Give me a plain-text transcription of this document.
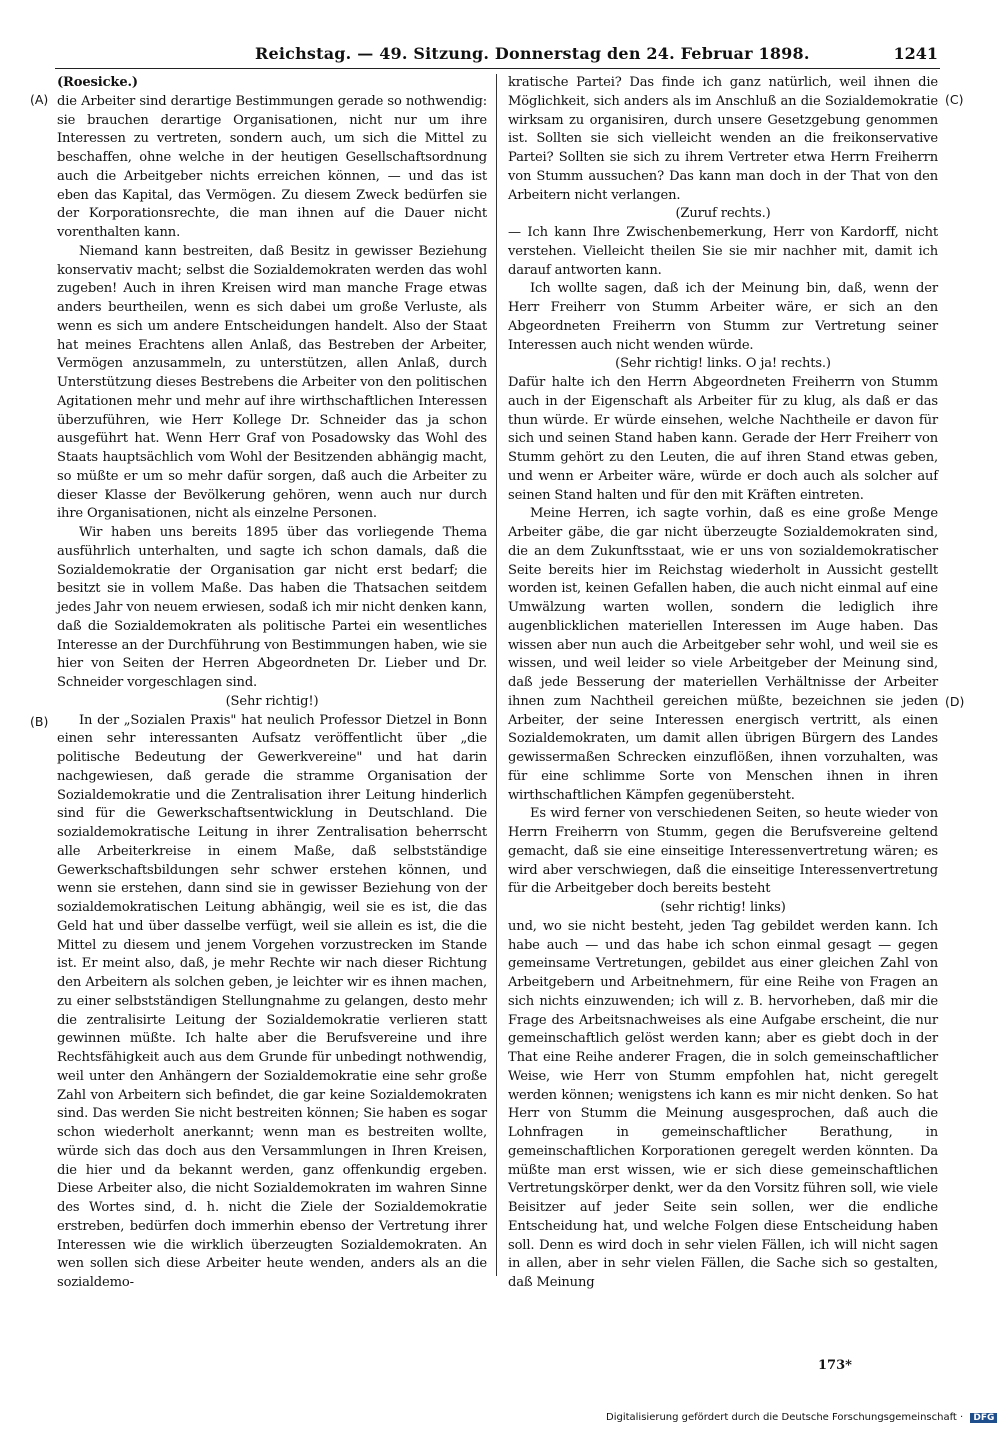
Reichstag. — 49. Sitzung. Donnerstag den 24. Februar 1898.	1241
(A)
(B)
(C)
(D)

(Roesicke.)

die Arbeiter sind derartige Bestimmungen gerade so nothwendig: sie brauchen derartige Organisationen, nicht nur um ihre Interessen zu vertreten, sondern auch, um sich die Mittel zu beschaffen, ohne welche in der heutigen Gesellschaftsordnung auch die Arbeitgeber nichts erreichen können, — und das ist eben das Kapital, das Vermögen. Zu diesem Zweck bedürfen sie der Korporationsrechte, die man ihnen auf die Dauer nicht vorenthalten kann.

Niemand kann bestreiten, daß Besitz in gewisser Beziehung konservativ macht; selbst die Sozialdemokraten werden das wohl zugeben! Auch in ihren Kreisen wird man manche Frage etwas anders beurtheilen, wenn es sich dabei um große Verluste, als wenn es sich um andere Entscheidungen handelt. Also der Staat hat meines Erachtens allen Anlaß, das Bestreben der Arbeiter, Vermögen anzusammeln, zu unterstützen, allen Anlaß, durch Unterstützung dieses Bestrebens die Arbeiter von den politischen Agitationen mehr und mehr auf ihre wirthschaftlichen Interessen überzuführen, wie Herr Kollege Dr. Schneider das ja schon ausgeführt hat. Wenn Herr Graf von Posadowsky das Wohl des Staats hauptsächlich vom Wohl der Besitzenden abhängig macht, so müßte er um so mehr dafür sorgen, daß auch die Arbeiter zu dieser Klasse der Bevölkerung gehören, wenn auch nur durch ihre Organisationen, nicht als einzelne Personen.

Wir haben uns bereits 1895 über das vorliegende Thema ausführlich unterhalten, und sagte ich schon damals, daß die Sozialdemokratie der Organisation gar nicht erst bedarf; die besitzt sie in vollem Maße. Das haben die Thatsachen seitdem jedes Jahr von neuem erwiesen, sodaß ich mir nicht denken kann, daß die Sozialdemokraten als politische Partei ein wesentliches Interesse an der Durchführung von Bestimmungen haben, wie sie hier von Seiten der Herren Abgeordneten Dr. Lieber und Dr. Schneider vorgeschlagen sind.

(Sehr richtig!)

In der „Sozialen Praxis" hat neulich Professor Dietzel in Bonn einen sehr interessanten Aufsatz veröffentlicht über „die politische Bedeutung der Gewerkvereine" und hat darin nachgewiesen, daß gerade die stramme Organisation der Sozialdemokratie und die Zentralisation ihrer Leitung hinderlich sind für die Gewerkschaftsentwicklung in Deutschland. Die sozialdemokratische Leitung in ihrer Zentralisation beherrscht alle Arbeiterkreise in einem Maße, daß selbstständige Gewerkschaftsbildungen sehr schwer erstehen können, und wenn sie erstehen, dann sind sie in gewisser Beziehung von der sozialdemokratischen Leitung abhängig, weil sie es ist, die das Geld hat und über dasselbe verfügt, weil sie allein es ist, die die Mittel zu diesem und jenem Vorgehen vorzustrecken im Stande ist. Er meint also, daß, je mehr Rechte wir nach dieser Richtung den Arbeitern als solchen geben, je leichter wir es ihnen machen, zu einer selbstständigen Stellungnahme zu gelangen, desto mehr die zentralisirte Leitung der Sozialdemokratie verlieren statt gewinnen müßte. Ich halte aber die Berufsvereine und ihre Rechtsfähigkeit auch aus dem Grunde für unbedingt nothwendig, weil unter den Anhängern der Sozialdemokratie eine sehr große Zahl von Arbeitern sich befindet, die gar keine Sozialdemokraten sind. Das werden Sie nicht bestreiten können; Sie haben es sogar schon wiederholt anerkannt; wenn man es bestreiten wollte, würde sich das doch aus den Versammlungen in Ihren Kreisen, die hier und da bekannt werden, ganz offenkundig ergeben. Diese Arbeiter also, die nicht Sozialdemokraten im wahren Sinne des Wortes sind, d. h. nicht die Ziele der Sozialdemokratie erstreben, bedürfen doch immerhin ebenso der Vertretung ihrer Interessen wie die wirklich überzeugten Sozialdemokraten. An wen sollen sich diese Arbeiter heute wenden, anders als an die sozialdemo-

kratische Partei? Das finde ich ganz natürlich, weil ihnen die Möglichkeit, sich anders als im Anschluß an die Sozialdemokratie wirksam zu organisiren, durch unsere Gesetzgebung genommen ist. Sollten sie sich vielleicht wenden an die freikonservative Partei? Sollten sie sich zu ihrem Vertreter etwa Herrn Freiherrn von Stumm aussuchen? Das kann man doch in der That von den Arbeitern nicht verlangen.

(Zuruf rechts.)

— Ich kann Ihre Zwischenbemerkung, Herr von Kardorff, nicht verstehen. Vielleicht theilen Sie sie mir nachher mit, damit ich darauf antworten kann.

Ich wollte sagen, daß ich der Meinung bin, daß, wenn der Herr Freiherr von Stumm Arbeiter wäre, er sich an den Abgeordneten Freiherrn von Stumm zur Vertretung seiner Interessen auch nicht wenden würde.

(Sehr richtig! links. O ja! rechts.)

Dafür halte ich den Herrn Abgeordneten Freiherrn von Stumm auch in der Eigenschaft als Arbeiter für zu klug, als daß er das thun würde. Er würde einsehen, welche Nachtheile er davon für sich und seinen Stand haben kann. Gerade der Herr Freiherr von Stumm gehört zu den Leuten, die auf ihren Stand etwas geben, und wenn er Arbeiter wäre, würde er doch auch als solcher auf seinen Stand halten und für den mit Kräften eintreten.

Meine Herren, ich sagte vorhin, daß es eine große Menge Arbeiter gäbe, die gar nicht überzeugte Sozialdemokraten sind, die an dem Zukunftsstaat, wie er uns von sozialdemokratischer Seite bereits hier im Reichstag wiederholt in Aussicht gestellt worden ist, keinen Gefallen haben, die auch nicht einmal auf eine Umwälzung warten wollen, sondern die lediglich ihre augenblicklichen materiellen Interessen im Auge haben. Das wissen aber nun auch die Arbeitgeber sehr wohl, und weil sie es wissen, und weil leider so viele Arbeitgeber der Meinung sind, daß jede Besserung der materiellen Verhältnisse der Arbeiter ihnen zum Nachtheil gereichen müßte, bezeichnen sie jeden Arbeiter, der seine Interessen energisch vertritt, als einen Sozialdemokraten, um damit allen übrigen Bürgern des Landes gewissermaßen Schrecken einzuflößen, ihnen vorzuhalten, was für eine schlimme Sorte von Menschen ihnen in ihren wirthschaftlichen Kämpfen gegenübersteht.

Es wird ferner von verschiedenen Seiten, so heute wieder von Herrn Freiherrn von Stumm, gegen die Berufsvereine geltend gemacht, daß sie eine einseitige Interessenvertretung wären; es wird aber verschwiegen, daß die einseitige Interessenvertretung für die Arbeitgeber doch bereits besteht

(sehr richtig! links)

und, wo sie nicht besteht, jeden Tag gebildet werden kann. Ich habe auch — und das habe ich schon einmal gesagt — gegen gemeinsame Vertretungen, gebildet aus einer gleichen Zahl von Arbeitgebern und Arbeitnehmern, für eine Reihe von Fragen an sich nichts einzuwenden; ich will z. B. hervorheben, daß mir die Frage des Arbeitsnachweises als eine Aufgabe erscheint, die nur gemeinschaftlich gelöst werden kann; aber es giebt doch in der That eine Reihe anderer Fragen, die in solch gemeinschaftlicher Weise, wie Herr von Stumm empfohlen hat, nicht geregelt werden können; wenigstens ich kann es mir nicht denken. So hat Herr von Stumm die Meinung ausgesprochen, daß auch die Lohnfragen in gemeinschaftlicher Berathung, in gemeinschaftlichen Korporationen geregelt werden könnten. Da müßte man erst wissen, wie er sich diese gemeinschaftlichen Vertretungskörper denkt, wer da den Vorsitz führen soll, wie viele Beisitzer auf jeder Seite sein sollen, wer die endliche Entscheidung hat, und welche Folgen diese Entscheidung haben soll. Denn es wird doch in sehr vielen Fällen, ich will nicht sagen in allen, aber in sehr vielen Fällen, die Sache sich so gestalten, daß Meinung

173*
Digitalisierung gefördert durch die Deutsche Forschungsgemeinschaft · DFG
